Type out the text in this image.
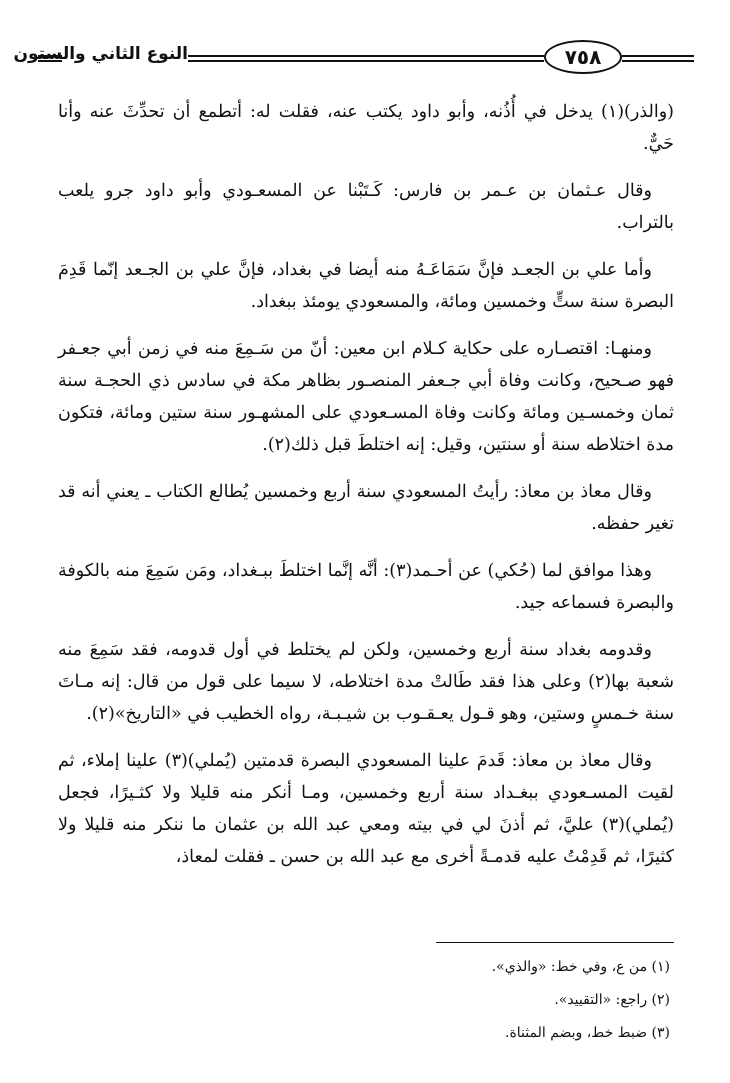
٧٥٨
النوع الثاني والستون

(والذر)(١) يدخل في أُذُنه، وأبو داود يكتب عنه، فقلت له: أتطمع أن تحدِّثَ عنه وأنا حَيٌّ.

وقال عـثمان بن عـمر بن فارس: كَـتَبْنا عن المسعـودي وأبو داود جرو يلعب بالتراب.

وأما علي بن الجعـد فإنَّ سَمَاعَـهُ منه أيضا في بغداد، فإنَّ علي بن الجـعد إنّما قَدِمَ البصرة سنة ستٍّ وخمسين ومائة، والمسعودي يومئذ ببغداد.

ومنهـا: اقتصـاره على حكاية كـلام ابن معين: أنّ من سَـمِعَ منه في زمن أبي جعـفر فهو صـحيح، وكانت وفاة أبي جـعفر المنصـور بظاهر مكة في سادس ذي الحجـة سنة ثمان وخمسـين ومائة وكانت وفاة المسـعودي على المشهـور سنة ستين ومائة، فتكون مدة اختلاطه سنة أو سنتين، وقيل: إنه اختلطَ قبل ذلك(٢).

وقال معاذ بن معاذ: رأيتُ المسعودي سنة أربع وخمسين يُطالع الكتاب ـ يعني أنه قد تغير حفظه.

وهذا موافق لما (حُكي) عن أحـمد(٣): أنَّه إنَّما اختلطَ ببـغداد، ومَن سَمِعَ منه بالكوفة والبصرة فسماعه جيد.

وقدومه بغداد سنة أربع وخمسين، ولكن لم يختلط في أول قدومه، فقد سَمِعَ منه شعبة بها(٢) وعلى هذا فقد طَالتْ مدة اختلاطه، لا سيما على قول من قال: إنه مـاتَ سنة خـمسٍ وستين، وهو قـول يعـقـوب بن شيـبـة، رواه الخطيب في «التاريخ»(٢).

وقال معاذ بن معاذ: قَدمَ علينا المسعودي البصرة قدمتين (يُملي)(٣) علينا إملاء، ثم لقيت المسـعودي ببغـداد سنة أربع وخمسين، ومـا أنكر منه قليلا ولا كثـيرًا، فجعل (يُملي)(٣) عليَّ، ثم أذنَ لي في بيته ومعي عبد الله بن عثمان ما ننكر منه قليلا ولا كثيرًا، ثم قَدِمْتُ عليه قدمـةً أخرى مع عبد الله بن حسن ـ فقلت لمعاذ،

(١) من ع، وفي خط: «والذي».

(٢) راجع: «التقييد».

(٣) ضبط خط، وبضم المثناة.
